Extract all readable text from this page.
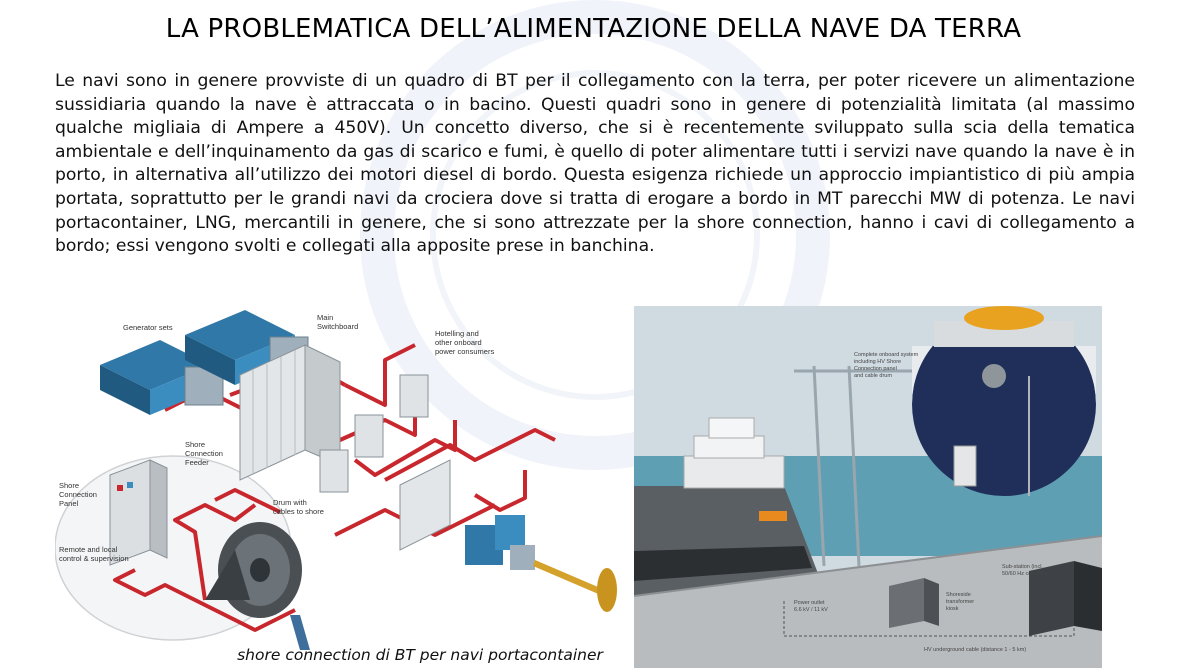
LA PROBLEMATICA DELL’ALIMENTAZIONE DELLA NAVE DA TERRA
Le navi sono in genere provviste di un quadro di BT per il collegamento con la terra, per poter ricevere un alimentazione sussidiaria quando la nave è attraccata o in bacino. Questi quadri sono in genere di potenzialità limitata (al massimo qualche migliaia di Ampere a 450V). Un concetto diverso, che si è recentemente sviluppato sulla scia della tematica ambientale e dell’inquinamento da gas di scarico e fumi, è quello di poter alimentare tutti i servizi nave quando la nave è in porto, in alternativa all’utilizzo dei motori diesel di bordo. Questa esigenza richiede un approccio impiantistico di più ampia portata, soprattutto per le grandi navi da crociera dove si tratta di erogare a bordo in MT parecchi MW di potenza. Le navi portacontainer, LNG, mercantili in genere, che si sono attrezzate per la shore connection, hanno i cavi di collegamento a bordo; essi vengono svolti e collegati alla apposite prese in banchina.
Generator sets
Main
Switchboard
Hotelling and
other onboard
power consumers
Shore
Connection
Feeder
Shore
Connection
Panel	Drum with
cables to shore
Remote and local
control & supervision
shore connection di BT per navi portacontainer
Complete onboard system
including HV Shore
Connection panel
and cable drum
Sub-station (incl.
50/60 Hz converter)
Power outlet
6.6 kV / 11 kV
Shoreside
transformer
kiosk
HV underground cable (distance 1 - 5 km)
